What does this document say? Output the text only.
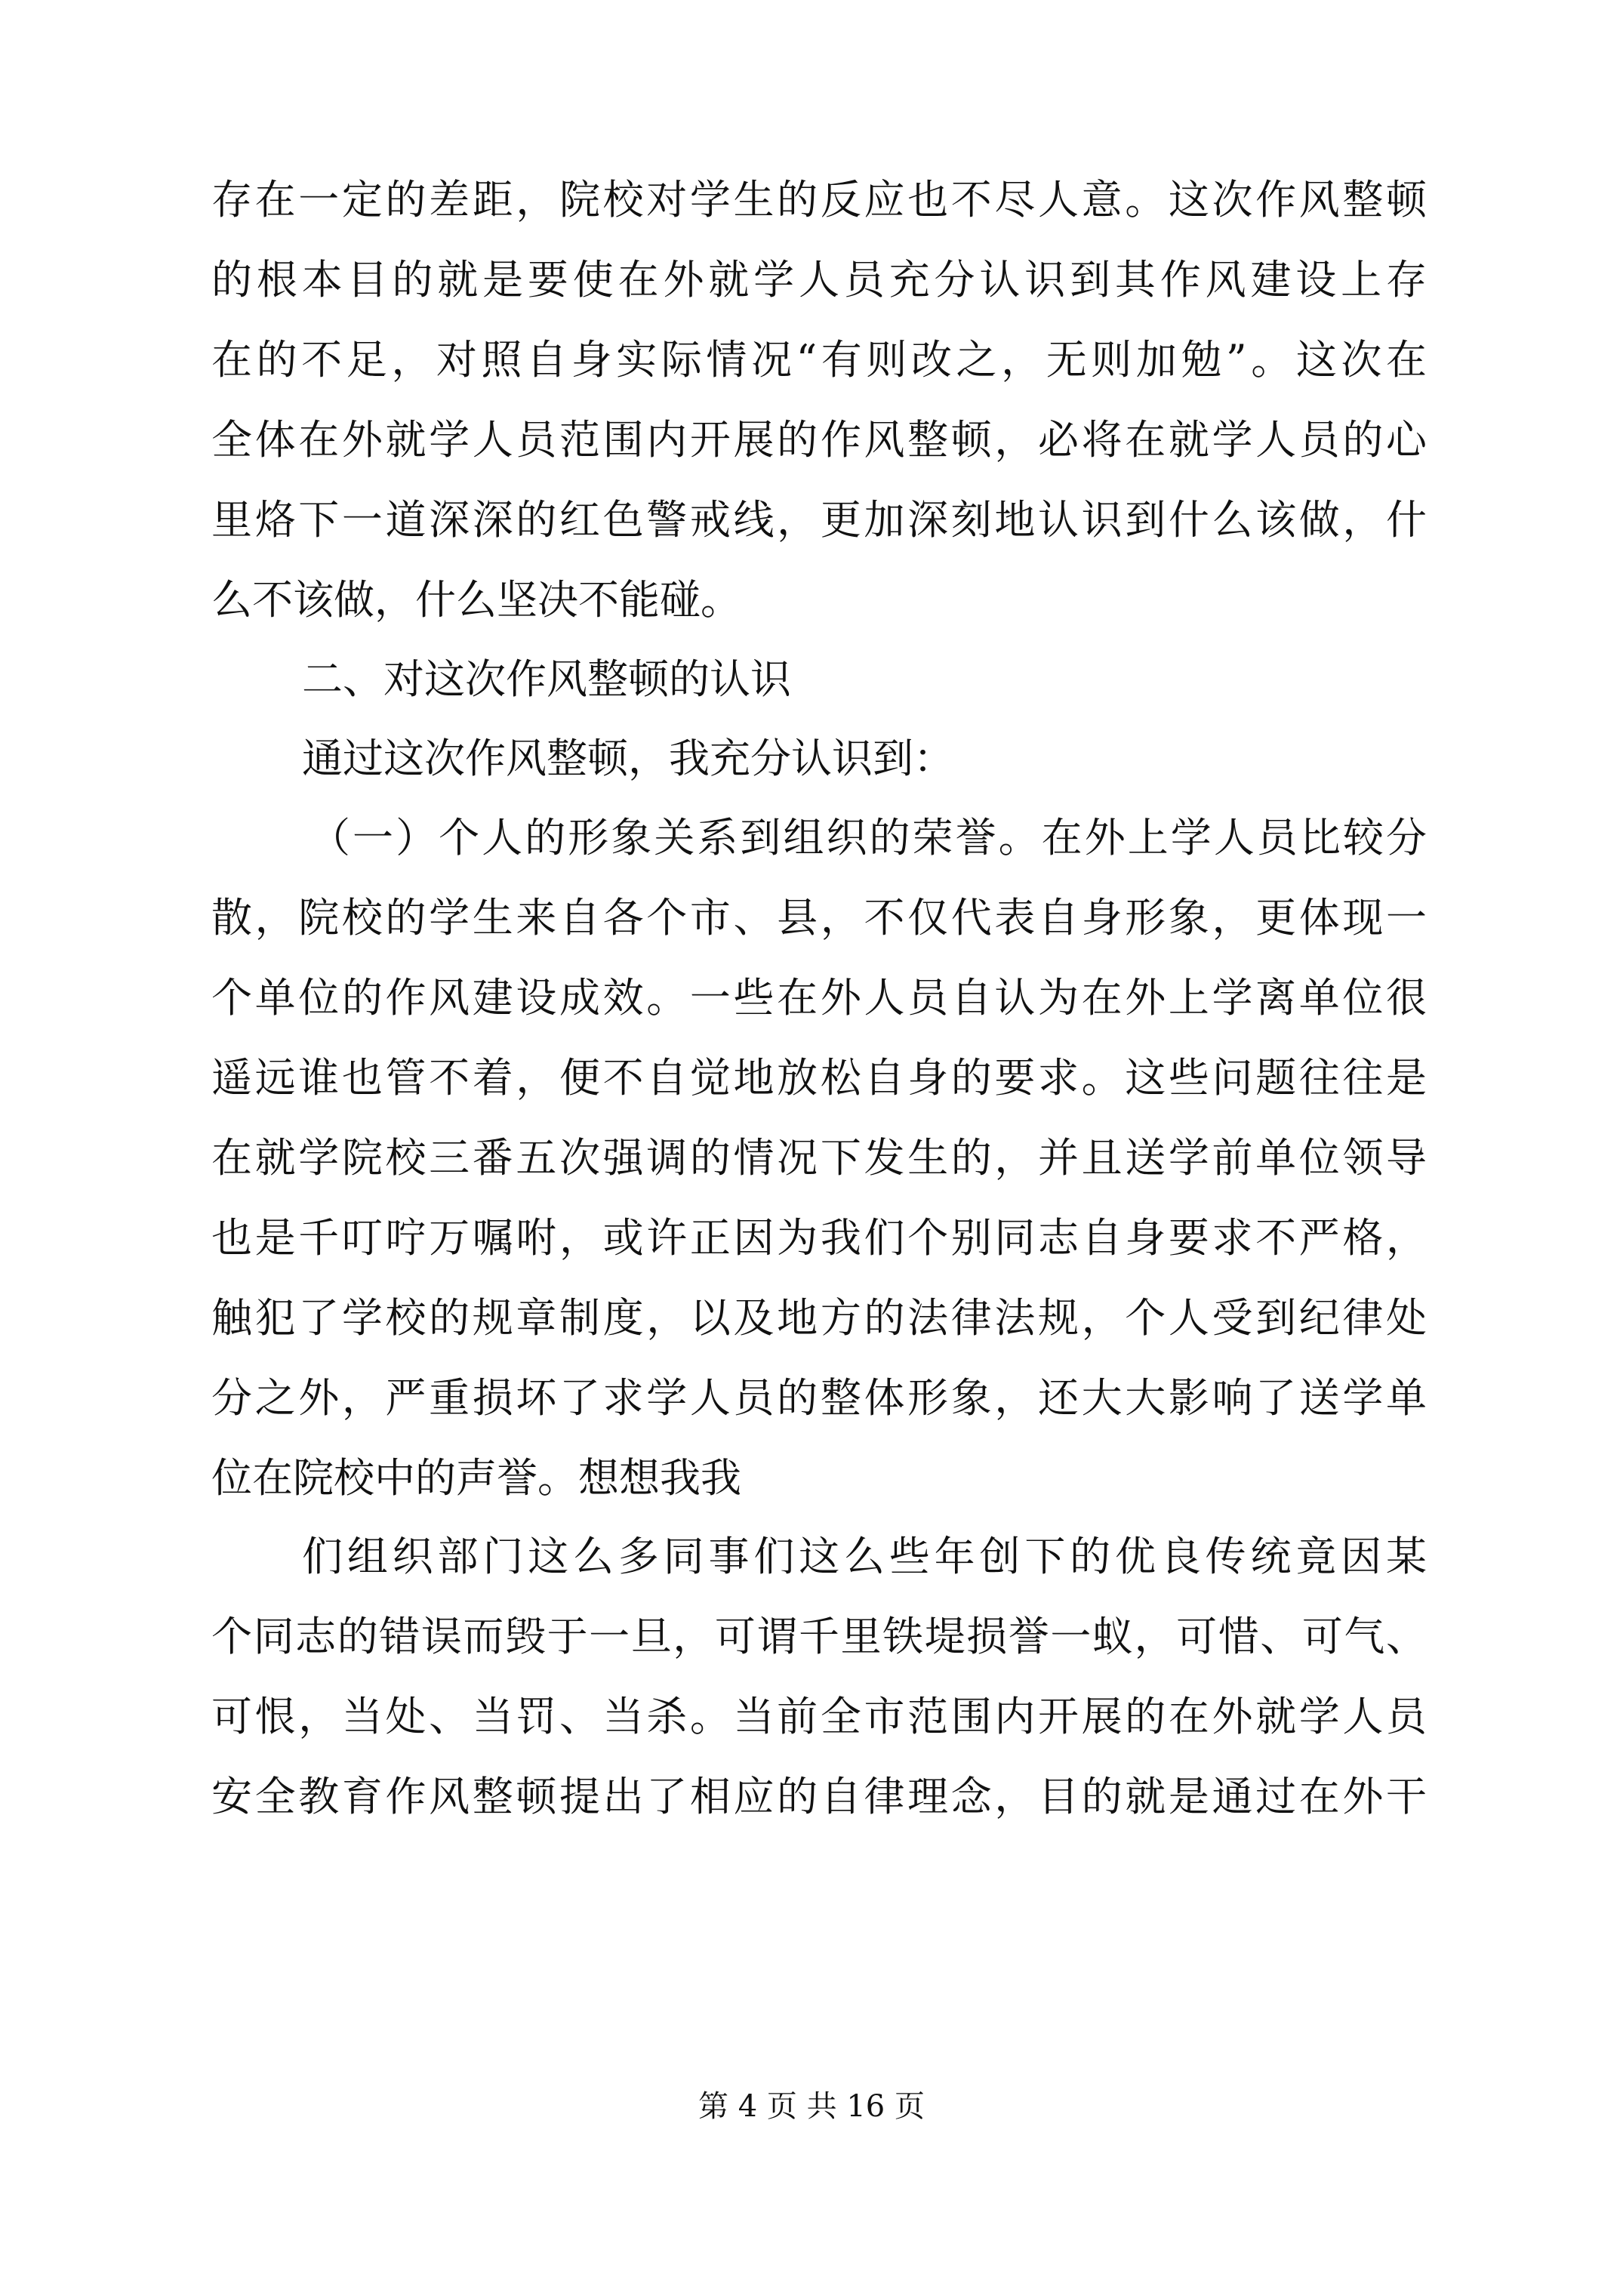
存在一定的差距，院校对学生的反应也不尽人意。这次作风整顿
的根本目的就是要使在外就学人员充分认识到其作风建设上存
在的不足，对照自身实际情况“有则改之，无则加勉”。这次在
全体在外就学人员范围内开展的作风整顿，必将在就学人员的心
里烙下一道深深的红色警戒线，更加深刻地认识到什么该做，什
么不该做，什么坚决不能碰。
二、对这次作风整顿的认识
通过这次作风整顿，我充分认识到：
（一）个人的形象关系到组织的荣誉。在外上学人员比较分
散，院校的学生来自各个市、县，不仅代表自身形象，更体现一
个单位的作风建设成效。一些在外人员自认为在外上学离单位很
遥远谁也管不着，便不自觉地放松自身的要求。这些问题往往是
在就学院校三番五次强调的情况下发生的，并且送学前单位领导
也是千叮咛万嘱咐，或许正因为我们个别同志自身要求不严格，
触犯了学校的规章制度，以及地方的法律法规，个人受到纪律处
分之外，严重损坏了求学人员的整体形象，还大大影响了送学单
位在院校中的声誉。想想我我
们组织部门这么多同事们这么些年创下的优良传统竟因某
个同志的错误而毁于一旦，可谓千里铁堤损誉一蚁，可惜、可气、
可恨，当处、当罚、当杀。当前全市范围内开展的在外就学人员
安全教育作风整顿提出了相应的自律理念，目的就是通过在外干
第 4 页 共 16 页
